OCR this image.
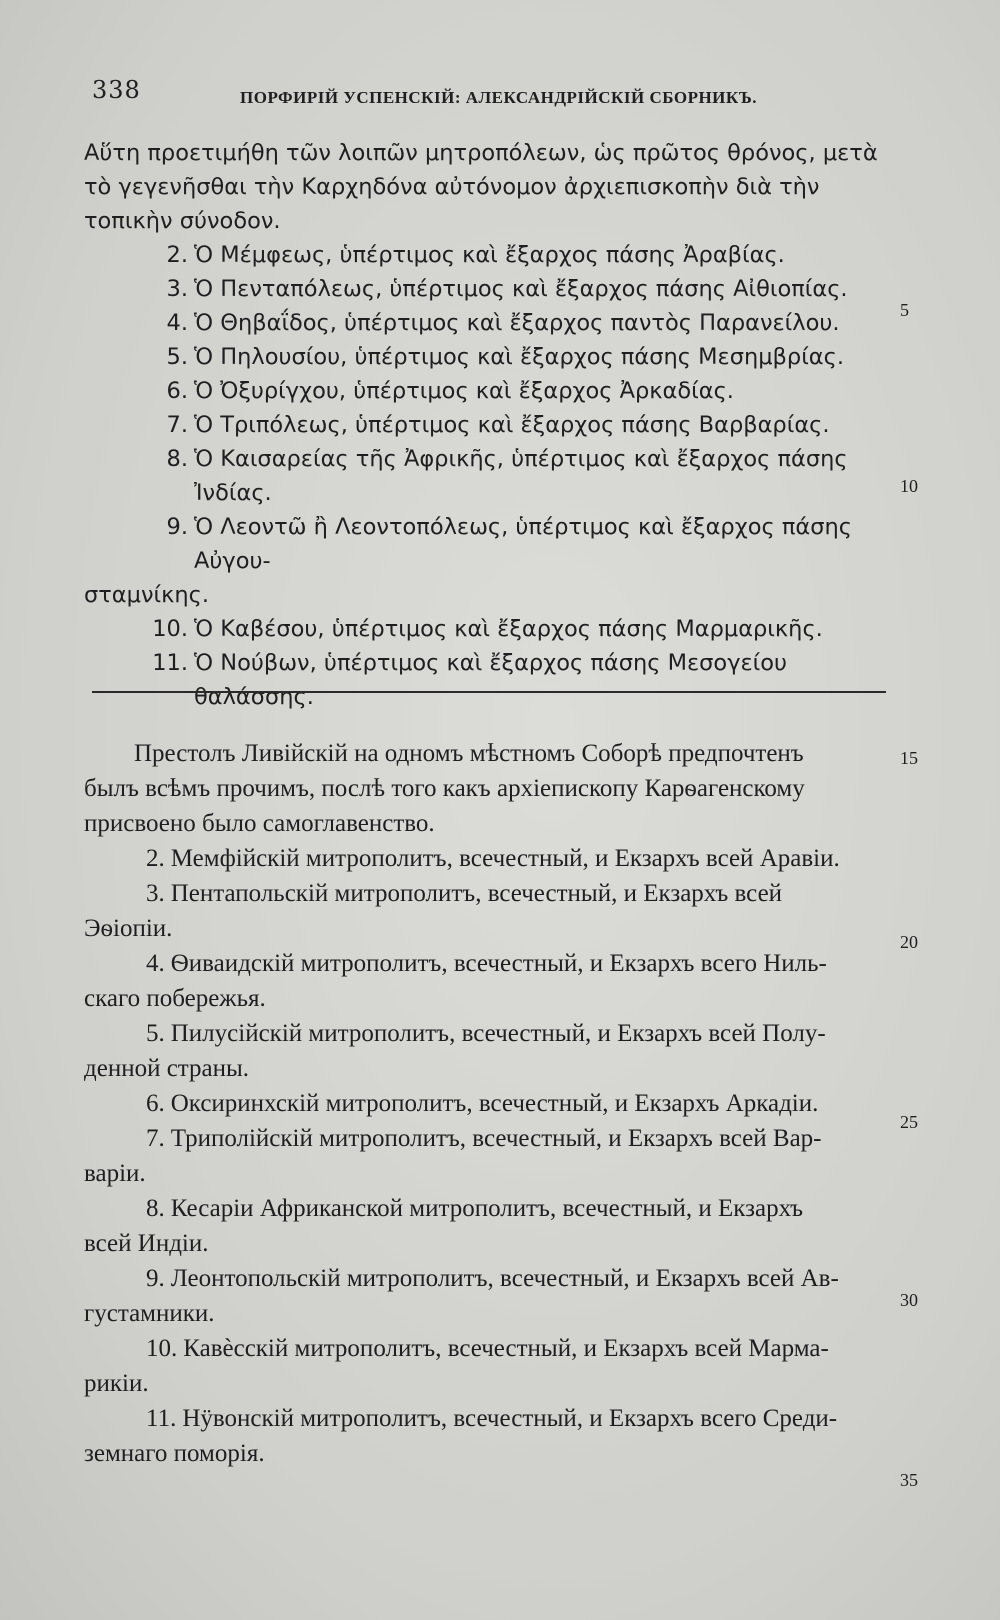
338	ПОРФИРІЙ УСПЕНСКІЙ: АЛЕКСАНДРІЙСКІЙ СБОРНИКЪ.

Αὕτη προετιμήθη τῶν λοιπῶν μητροπόλεων, ὡς πρῶτος θρόνος, μετὰ τὸ γεγενῆσθαι τὴν Καρχηδόνα αὐτόνομον ἀρχιεπισκοπὴν διὰ τὴν τοπικὴν σύνοδον.

2. Ὁ Μέμφεως, ὑπέρτιμος καὶ ἔξαρχος πάσης Ἀραβίας.
3. Ὁ Πενταπόλεως, ὑπέρτιμος καὶ ἔξαρχος πάσης Αἰθιοπίας.
4. Ὁ Θηβαΐδος, ὑπέρτιμος καὶ ἔξαρχος παντὸς Παρανείλου.
5. Ὁ Πηλουσίου, ὑπέρτιμος καὶ ἔξαρχος πάσης Μεσημβρίας.
6. Ὁ Ὀξυρίγχου, ὑπέρτιμος καὶ ἔξαρχος Ἀρκαδίας.
7. Ὁ Τριπόλεως, ὑπέρτιμος καὶ ἔξαρχος πάσης Βαρβαρίας.
8. Ὁ Καισαρείας τῆς Ἀφρικῆς, ὑπέρτιμος καὶ ἔξαρχος πάσης Ἰνδίας.
9. Ὁ Λεοντῶ ἢ Λεοντοπόλεως, ὑπέρτιμος καὶ ἔξαρχος πάσης Αὐγου-

σταμνίκης.

10. Ὁ Καβέσου, ὑπέρτιμος καὶ ἔξαρχος πάσης Μαρμαρικῆς.
11. Ὁ Νούβων, ὑπέρτιμος καὶ ἔξαρχος πάσης Μεσογείου θαλάσσης.

Престолъ Ливійскій на одномъ мѣстномъ Соборѣ предпочтенъ

былъ всѣмъ прочимъ, послѣ того какъ архіепископу Карѳагенскому

присвоено было самоглавенство.

2. Мемфійскій митрополитъ, всечестный, и Екзархъ всей Аравіи.
3. Пентапольскій митрополитъ, всечестный, и Екзархъ всей

Эѳіопіи.

4. Ѳиваидскій митрополитъ, всечестный, и Екзархъ всего Ниль-

скаго побережья.

5. Пилусійскій митрополитъ, всечестный, и Екзархъ всей Полу-

денной страны.

6. Оксиринхскій митрополитъ, всечестный, и Екзархъ Аркадіи.
7. Триполійскій митрополитъ, всечестный, и Екзархъ всей Вар-

варіи.

8. Кесаріи Африканской митрополитъ, всечестный, и Екзархъ

всей Индіи.

9. Леонтопольскій митрополитъ, всечестный, и Екзархъ всей Ав-

густамники.

10. Кавѐсскій митрополитъ, всечестный, и Екзархъ всей Марма-

рикіи.

11. Нӱвонскій митрополитъ, всечестный, и Екзархъ всего Среди-

земнаго поморія.

5
10
15
20
25
30
35
